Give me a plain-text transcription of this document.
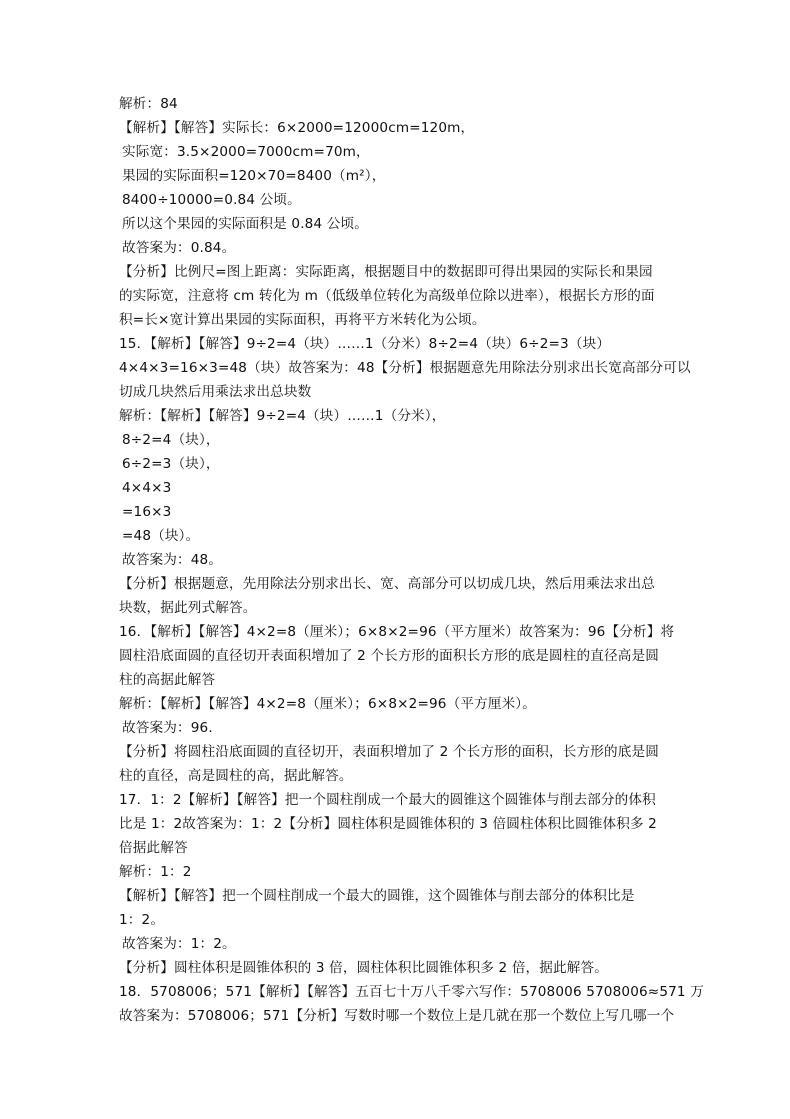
解析：84
【解析】【解答】实际长：6×2000=12000cm=120m，
实际宽：3.5×2000=7000cm=70m，
果园的实际面积=120×70=8400（m²），
8400÷10000=0.84 公顷。
所以这个果园的实际面积是 0.84 公顷。
故答案为：0.84。
【分析】比例尺=图上距离：实际距离，根据题目中的数据即可得出果园的实际长和果园
的实际宽，注意将 cm 转化为 m（低级单位转化为高级单位除以进率），根据长方形的面
积=长×宽计算出果园的实际面积，再将平方米转化为公顷。
15．【解析】【解答】9÷2=4（块）……1（分米）8÷2=4（块）6÷2=3（块）
4×4×3=16×3=48（块）故答案为：48【分析】根据题意先用除法分别求出长宽高部分可以
切成几块然后用乘法求出总块数
解析：【解析】【解答】9÷2=4（块）……1（分米），
8÷2=4（块），
6÷2=3（块），
4×4×3
=16×3
=48（块）。
故答案为：48。
【分析】根据题意，先用除法分别求出长、宽、高部分可以切成几块，然后用乘法求出总
块数，据此列式解答。
16．【解析】【解答】4×2=8（厘米）；6×8×2=96（平方厘米）故答案为：96【分析】将
圆柱沿底面圆的直径切开表面积增加了 2 个长方形的面积长方形的底是圆柱的直径高是圆
柱的高据此解答
解析：【解析】【解答】4×2=8（厘米）；6×8×2=96（平方厘米）。
故答案为：96.
【分析】将圆柱沿底面圆的直径切开，表面积增加了 2 个长方形的面积，长方形的底是圆
柱的直径，高是圆柱的高，据此解答。
17．1：2【解析】【解答】把一个圆柱削成一个最大的圆锥这个圆锥体与削去部分的体积
比是 1：2故答案为：1：2【分析】圆柱体积是圆锥体积的 3 倍圆柱体积比圆锥体积多 2
倍据此解答
解析：1：2
【解析】【解答】把一个圆柱削成一个最大的圆锥，这个圆锥体与削去部分的体积比是
1：2。
故答案为：1：2。
【分析】圆柱体积是圆锥体积的 3 倍，圆柱体积比圆锥体积多 2 倍，据此解答。
18．5708006；571【解析】【解答】五百七十万八千零六写作：5708006 5708006≈571 万
故答案为：5708006；571【分析】写数时哪一个数位上是几就在那一个数位上写几哪一个
